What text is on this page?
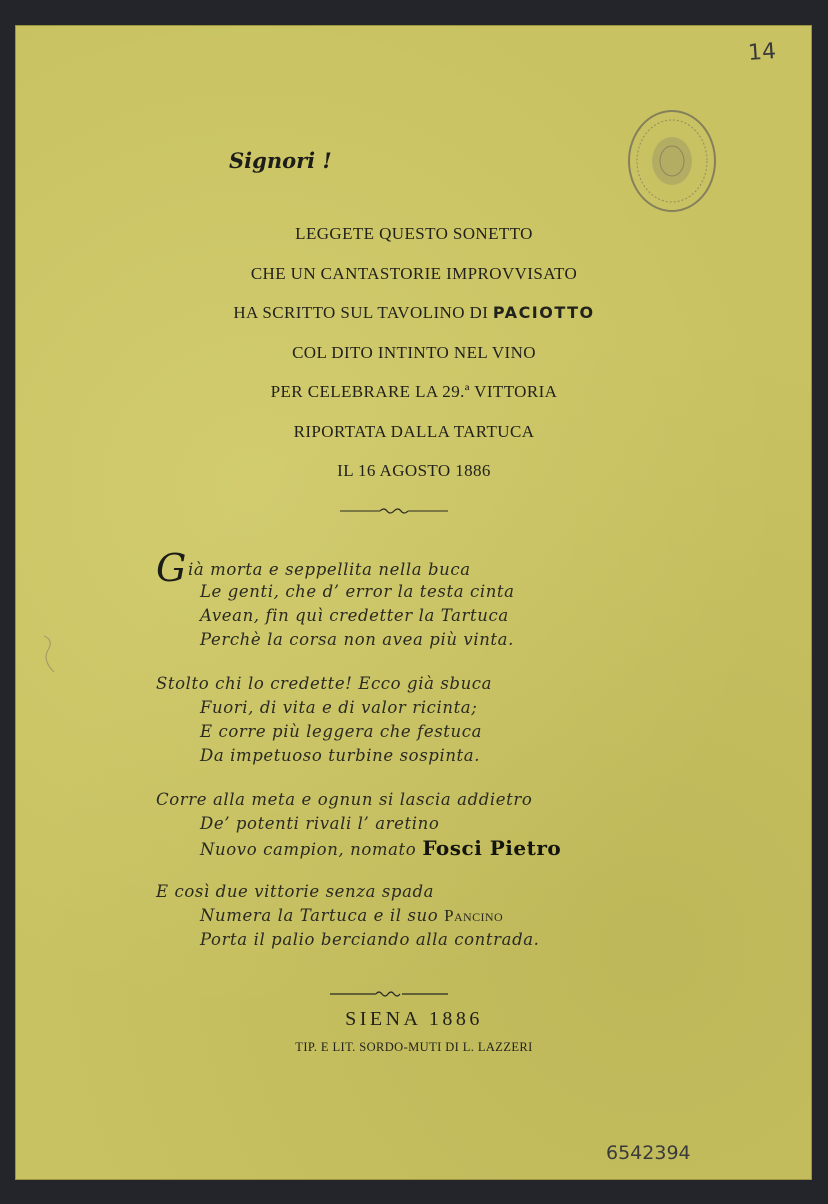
14
Signori !
LEGGETE QUESTO SONETTO
CHE UN CANTASTORIE IMPROVVISATO
HA SCRITTO SUL TAVOLINO DI PACIOTTO
COL DITO INTINTO NEL VINO
PER CELEBRARE LA 29.ª VITTORIA
RIPORTATA DALLA TARTUCA
IL 16 AGOSTO 1886
Già morta e seppellita nella buca
Le genti, che d’ error la testa cinta
Avean, fin quì credetter la Tartuca
Perchè la corsa non avea più vinta.
Stolto chi lo credette! Ecco già sbuca
Fuori, di vita e di valor ricinta;
E corre più leggera che festuca
Da impetuoso turbine sospinta.
Corre alla meta e ognun si lascia addietro
De’ potenti rivali l’ aretino
Nuovo campion, nomato Fosci Pietro
E così due vittorie senza spada
Numera la Tartuca e il suo Pancino
Porta il palio berciando alla contrada.
SIENA 1886
TIP. E LIT. SORDO-MUTI DI L. LAZZERI
6542394
